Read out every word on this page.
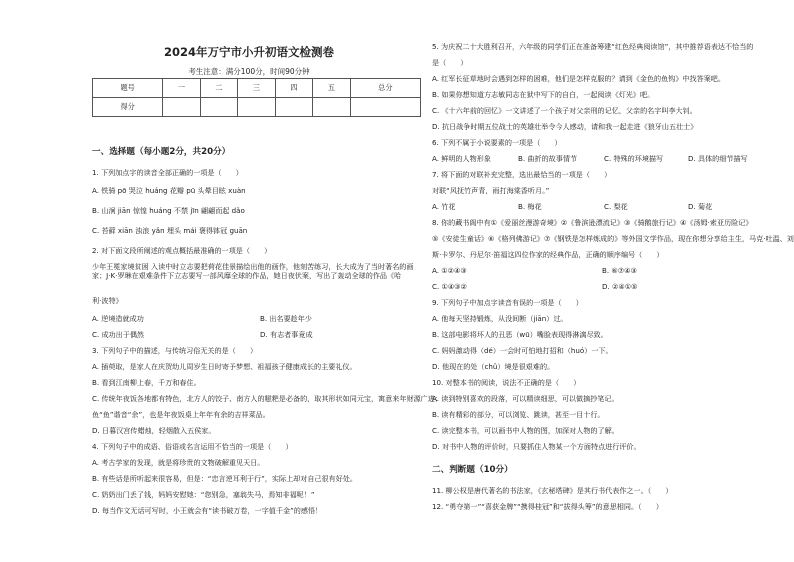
2024年万宁市小升初语文检测卷
考生注意：满分100分，时间90分钟
题号	一	二	三	四	五	总分
得分						
一、选择题（每小题2分，共20分）
1. 下列加点字的读音全部正确的一项是（　　）
A. 铁骑 pō 哭泣 huáng 花瓣 pū 头晕目眩 xuàn
B. 山涧 jiān 惊惶 huáng 不禁 jīn 翩翩而起 dǎo
C. 苔藓 xiān 浊浪 yǎn 埋头 mái 褒得钵冠 guān
2. 对下面文段所阐述的观点概括最准确的一项是（　　）
少年王冕家境贫困 入读中时立志要把荷花佳景描绘出他的画作，他刻苦练习，长大成为了当时著名的画家；J·K·罗琳在艰难条件下立志要写一部风靡全球的作品，她日夜伏案，写出了轰动全球的作品《哈
利·波特》
A. 逆境造就成功	B. 出名要趁年少
C. 成功出于偶然	D. 有志者事竟成
3. 下列句子中的描述，与传统习俗无关的是（　　）
A. 插萸取，是家人在庆贺幼儿周岁生日时寄予梦想、祖福孩子健康成长的主要礼仪。
B. 看到江南柳上春，千万和春住。
C. 传统年夜饭各地都有特色，北方人的饺子、南方人的糍粑是必备的，取其形状如同元宝，寓意来年财源广进；
鱼“鱼”谐音“余”，也是年夜饭桌上年年有余的吉祥菜品。
D. 日暮汉宫传蜡烛，轻烟散入五侯家。
4. 下列句子中的成语、俗语或名言运用不恰当的一项是（　　）
A. 考古学家的发现，就是将珍贵的文物破解重见天日。
B. 有些话是所听起来很容易，但是：“忠言逆耳利于行”，实际上却对自己很有好处。
C. 奶奶出门丢了钱，妈妈安慰她：“您别急，塞翁失马，焉知非福呢！”
D. 每当作文无话可写时，小王就会有“读书破万卷，一字值千金”的感悟！
5. 为庆祝二十大胜利召开，六年级的同学们正在准备筹建“红色经典阅读馆”，其中推荐语表达不恰当的
是（　　）
A. 红军长征草地时会遇到怎样的困难，他们是怎样克服的？请到《金色的鱼钩》中找答案吧。
B. 如果你想知道方志敏同志在狱中写下的自白，一起阅读《灯光》吧。
C. 《十六年前的回忆》一文讲述了一个孩子对父亲刑的记忆，父亲的名字叫李大钊。
D. 抗日战争时期五位战士的英雄壮举令今人感动，请和我一起走进《狼牙山五壮士》
6. 下列不属于小说要素的一项是（　　）
A. 鲜明的人物形象	B. 曲折的故事情节	C. 特殊的环境描写	D. 具体的细节描写
7. 将下面的对联补充完整，选出最恰当的一项是（　　）
对联“风抚竹声青，雨打海棠香听月。”
A. 竹花	B. 梅花	C. 梨花	D. 菊花
8. 你的藏书阁中有①《爱丽丝漫游奇境》②《鲁滨逊漂流记》③《骑鹅旅行记》④《汤姆·索亚历险记》
⑤《安徒生童话》⑥《格列佛游记》⑦《钢铁是怎样炼成的》等外国文学作品，现在你想分享给主生，马克·吐温、刘
斯·卡罗尔、丹尼尔·笛福这四位作家的经典作品，正确的顺序编号（　　）
A. ①②④③	B. ⑥⑦④③
C. ①④③②	D. ②④①⑤
9. 下列句子中加点字读音有误的一项是（　　）
A. 他每天坚持锻炼，从没间断（jiān）过。
B. 这部电影将坏人的丑恶（wū）嘴脸表现得淋漓尽致。
C. 妈妈激动得（dé）一会时可怕地打招和（huó）一下。
D. 他现在的处（chǔ）境是很艰难的。
10. 对整本书的阅读，说法不正确的是（　　）
A. 读到特别喜欢的段落，可以精读细思，可以做摘抄笔记。
B. 读有精彩的部分，可以浏览、跳读，甚至一目十行。
C. 读完整本书，可以画书中人物的图，加深对人物的了解。
D. 对书中人物的评价时，只要抓住人物某一个方面特点进行评价。
二、判断题（10分）
11. 柳公权是唐代著名的书法家，《玄秘塔碑》是其行书代表作之一。（　　）
12. “勇夺第一”“喜获金牌”“携得桂冠”和“拔得头筹”的意思相同。（　　）
